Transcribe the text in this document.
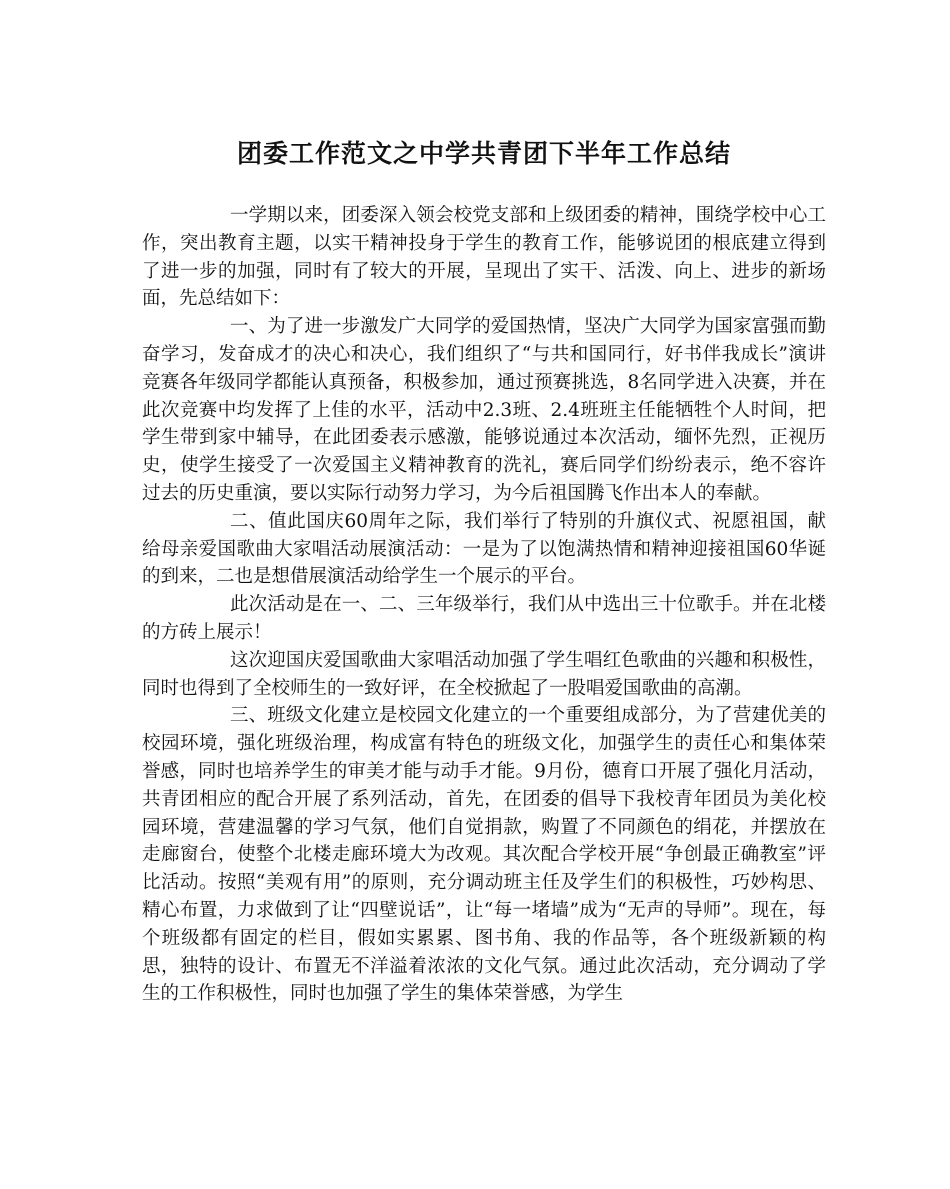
团委工作范文之中学共青团下半年工作总结

一学期以来，团委深入领会校党支部和上级团委的精神，围绕学校中心工作，突出教育主题，以实干精神投身于学生的教育工作，能够说团的根底建立得到了进一步的加强，同时有了较大的开展，呈现出了实干、活泼、向上、进步的新场面，先总结如下：

一、为了进一步激发广大同学的爱国热情，坚决广大同学为国家富强而勤奋学习，发奋成才的决心和决心，我们组织了“与共和国同行，好书伴我成长”演讲竞赛各年级同学都能认真预备，积极参加，通过预赛挑选，8名同学进入决赛，并在此次竞赛中均发挥了上佳的水平，活动中2.3班、2.4班班主任能牺牲个人时间，把学生带到家中辅导，在此团委表示感激，能够说通过本次活动，缅怀先烈，正视历史，使学生接受了一次爱国主义精神教育的洗礼，赛后同学们纷纷表示，绝不容许过去的历史重演，要以实际行动努力学习，为今后祖国腾飞作出本人的奉献。

二、值此国庆60周年之际，我们举行了特别的升旗仪式、祝愿祖国，献给母亲爱国歌曲大家唱活动展演活动：一是为了以饱满热情和精神迎接祖国60华诞的到来，二也是想借展演活动给学生一个展示的平台。

此次活动是在一、二、三年级举行，我们从中选出三十位歌手。并在北楼的方砖上展示！

这次迎国庆爱国歌曲大家唱活动加强了学生唱红色歌曲的兴趣和积极性，同时也得到了全校师生的一致好评，在全校掀起了一股唱爱国歌曲的高潮。

三、班级文化建立是校园文化建立的一个重要组成部分，为了营建优美的校园环境，强化班级治理，构成富有特色的班级文化，加强学生的责任心和集体荣誉感，同时也培养学生的审美才能与动手才能。9月份，德育口开展了强化月活动，共青团相应的配合开展了系列活动，首先，在团委的倡导下我校青年团员为美化校园环境，营建温馨的学习气氛，他们自觉捐款，购置了不同颜色的绢花，并摆放在走廊窗台，使整个北楼走廊环境大为改观。其次配合学校开展“争创最正确教室”评比活动。按照“美观有用”的原则，充分调动班主任及学生们的积极性，巧妙构思、精心布置，力求做到了让“四壁说话”，让“每一堵墙”成为“无声的导师”。现在，每个班级都有固定的栏目，假如实累累、图书角、我的作品等，各个班级新颖的构思，独特的设计、布置无不洋溢着浓浓的文化气氛。通过此次活动，充分调动了学生的工作积极性，同时也加强了学生的集体荣誉感，为学生
